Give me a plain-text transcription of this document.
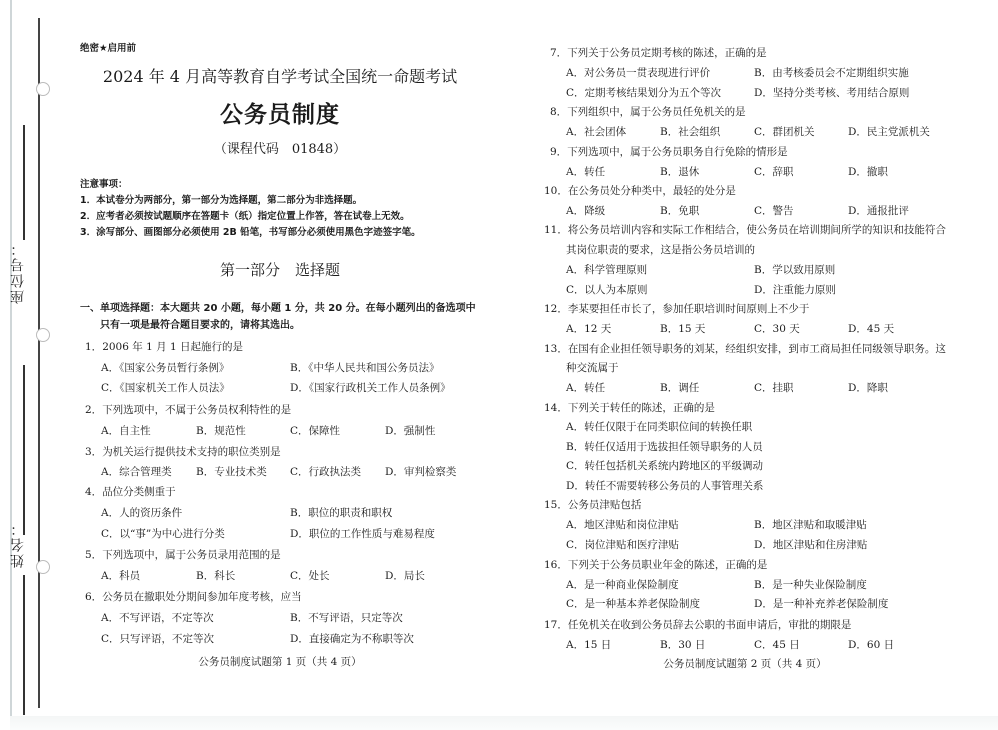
座位号：
姓名：
绝密★启用前
2024 年 4 月高等教育自学考试全国统一命题考试
公务员制度
（课程代码　01848）
注意事项：
1．本试卷分为两部分，第一部分为选择题，第二部分为非选择题。
2．应考者必须按试题顺序在答题卡（纸）指定位置上作答，答在试卷上无效。
3．涂写部分、画图部分必须使用 2B 铅笔，书写部分必须使用黑色字迹签字笔。
第一部分　选择题
一、单项选择题：本大题共 20 小题，每小题 1 分，共 20 分。在每小题列出的备选项中
只有一项是最符合题目要求的，请将其选出。
1．2006 年 1 月 1 日起施行的是
A．《国家公务员暂行条例》	B．《中华人民共和国公务员法》
C．《国家机关工作人员法》	D．《国家行政机关工作人员条例》
2．下列选项中，不属于公务员权利特性的是
A．自主性	B．规范性	C．保障性	D．强制性
3．为机关运行提供技术支持的职位类别是
A．综合管理类 B．专业技术类 C．行政执法类 D．审判检察类
4．品位分类侧重于
A．人的资历条件	B．职位的职责和职权
C．以“事”为中心进行分类	D．职位的工作性质与难易程度
5．下列选项中，属于公务员录用范围的是
A．科员	B．科长	C．处长	D．局长
6．公务员在撤职处分期间参加年度考核，应当
A．不写评语，不定等次	B．不写评语，只定等次
C．只写评语，不定等次	D．直接确定为不称职等次
公务员制度试题第 1 页（共 4 页）
7．下列关于公务员定期考核的陈述，正确的是
A．对公务员一贯表现进行评价	B．由考核委员会不定期组织实施
C．定期考核结果划分为五个等次	D．坚持分类考核、考用结合原则
8．下列组织中，属于公务员任免机关的是
A．社会团体	B．社会组织	C．群团机关	D．民主党派机关
9．下列选项中，属于公务员职务自行免除的情形是
A．转任	B．退休	C．辞职	D．撤职
10．在公务员处分种类中，最轻的处分是
A．降级	B．免职	C．警告	D．通报批评
11．将公务员培训内容和实际工作相结合，使公务员在培训期间所学的知识和技能符合
其岗位职责的要求，这是指公务员培训的
A．科学管理原则	B．学以致用原则
C．以人为本原则	D．注重能力原则
12．李某要担任市长了，参加任职培训时间原则上不少于
A．12 天	B．15 天	C．30 天	D．45 天
13．在国有企业担任领导职务的刘某，经组织安排，到市工商局担任同级领导职务。这
种交流属于
A．转任	B．调任	C．挂职	D．降职
14．下列关于转任的陈述，正确的是
A．转任仅限于在同类职位间的转换任职
B．转任仅适用于选拔担任领导职务的人员
C．转任包括机关系统内跨地区的平级调动
D．转任不需要转移公务员的人事管理关系
15．公务员津贴包括
A．地区津贴和岗位津贴	B．地区津贴和取暖津贴
C．岗位津贴和医疗津贴	D．地区津贴和住房津贴
16．下列关于公务员职业年金的陈述，正确的是
A．是一种商业保险制度	B．是一种失业保险制度
C．是一种基本养老保险制度	D．是一种补充养老保险制度
17．任免机关在收到公务员辞去公职的书面申请后，审批的期限是
A．15 日	B．30 日	C．45 日	D．60 日
公务员制度试题第 2 页（共 4 页）
